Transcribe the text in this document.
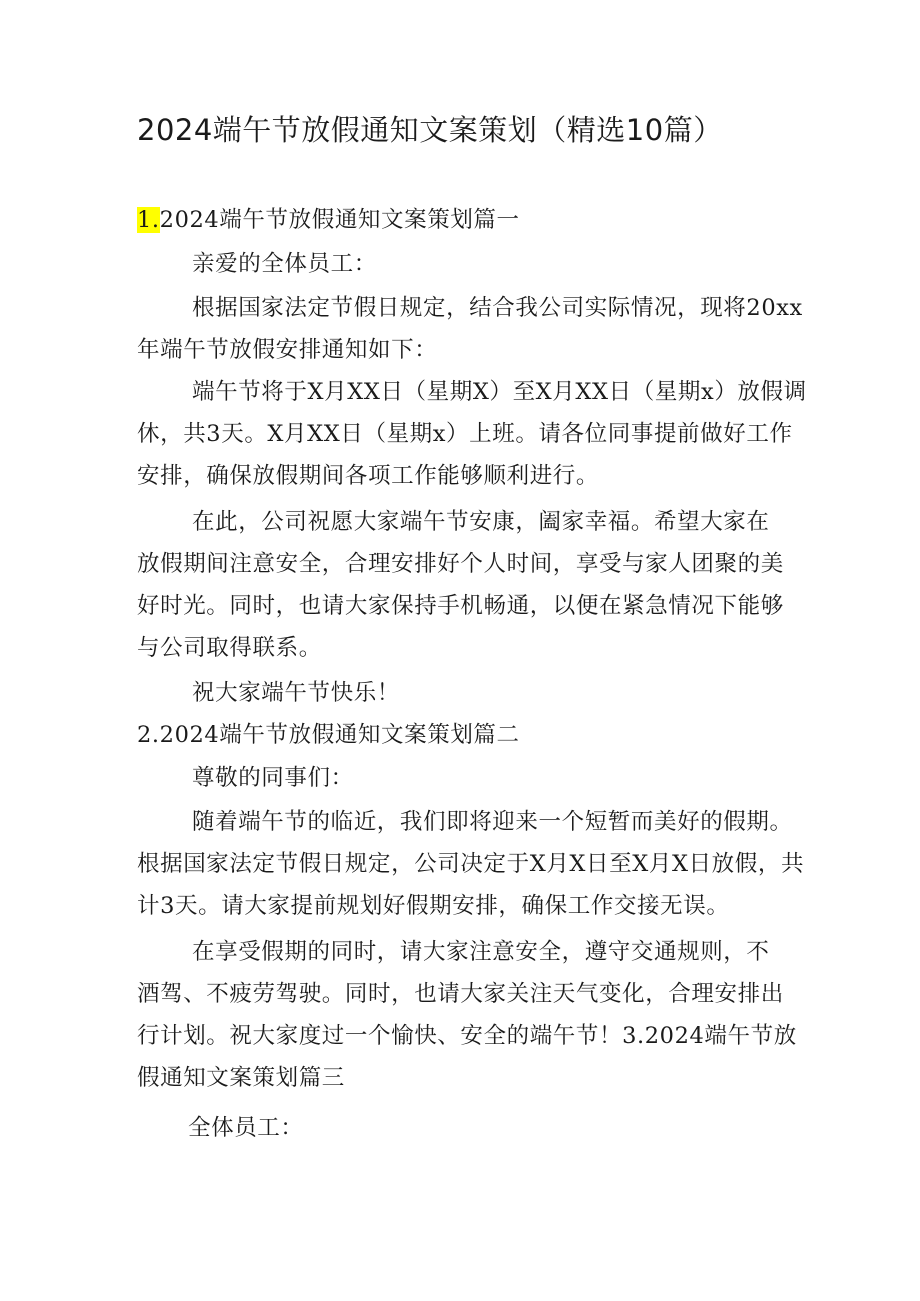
2024端午节放假通知文案策划（精选10篇）
1.2024端午节放假通知文案策划篇一
亲爱的全体员工：
根据国家法定节假日规定，结合我公司实际情况，现将20xx
年端午节放假安排通知如下：
端午节将于X月XX日（星期X）至X月XX日（星期x）放假调
休，共3天。X月XX日（星期x）上班。请各位同事提前做好工作
安排，确保放假期间各项工作能够顺利进行。
在此，公司祝愿大家端午节安康，阖家幸福。希望大家在
放假期间注意安全，合理安排好个人时间，享受与家人团聚的美
好时光。同时，也请大家保持手机畅通，以便在紧急情况下能够
与公司取得联系。
祝大家端午节快乐！
2.2024端午节放假通知文案策划篇二
尊敬的同事们：
随着端午节的临近，我们即将迎来一个短暂而美好的假期。
根据国家法定节假日规定，公司决定于X月X日至X月X日放假，共
计3天。请大家提前规划好假期安排，确保工作交接无误。
在享受假期的同时，请大家注意安全，遵守交通规则，不
酒驾、不疲劳驾驶。同时，也请大家关注天气变化，合理安排出
行计划。祝大家度过一个愉快、安全的端午节！3.2024端午节放
假通知文案策划篇三
全体员工：
